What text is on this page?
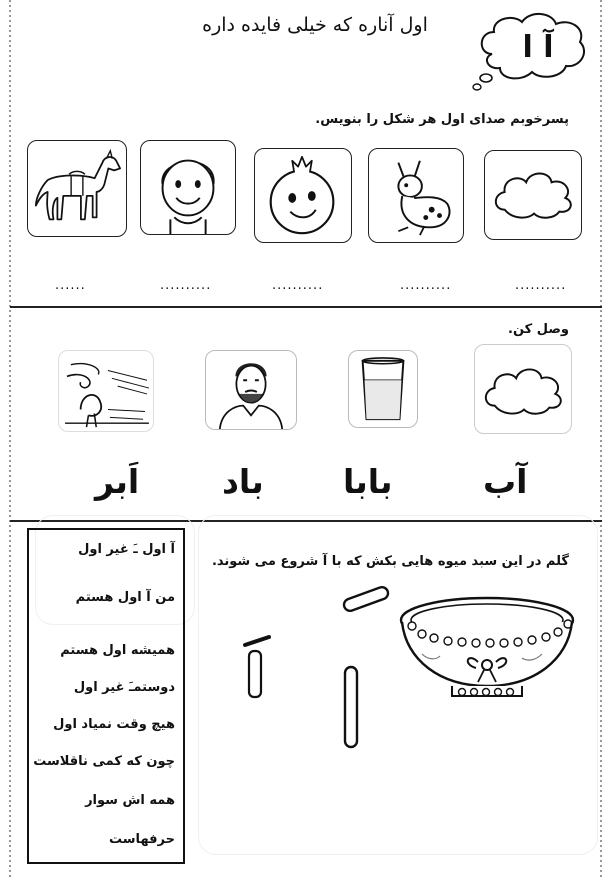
اول آناره که خیلی فایده داره
آ ا
پسرخوبم صدای اول هر شکل را بنویس.
......	..........	..........	..........	..........
وصل کن.
اَبر	باد بابا	آب
آ اول ـَ غیر اول
من آ اول هستم
همیشه اول هستم
دوستمـَ غیر اول
هیچ وقت نمیاد اول
چون که کمی ناقلاست
همه اش سوار
حرفهاست
گلم در این سبد میوه هایی بکش که با آ شروع می شوند.
